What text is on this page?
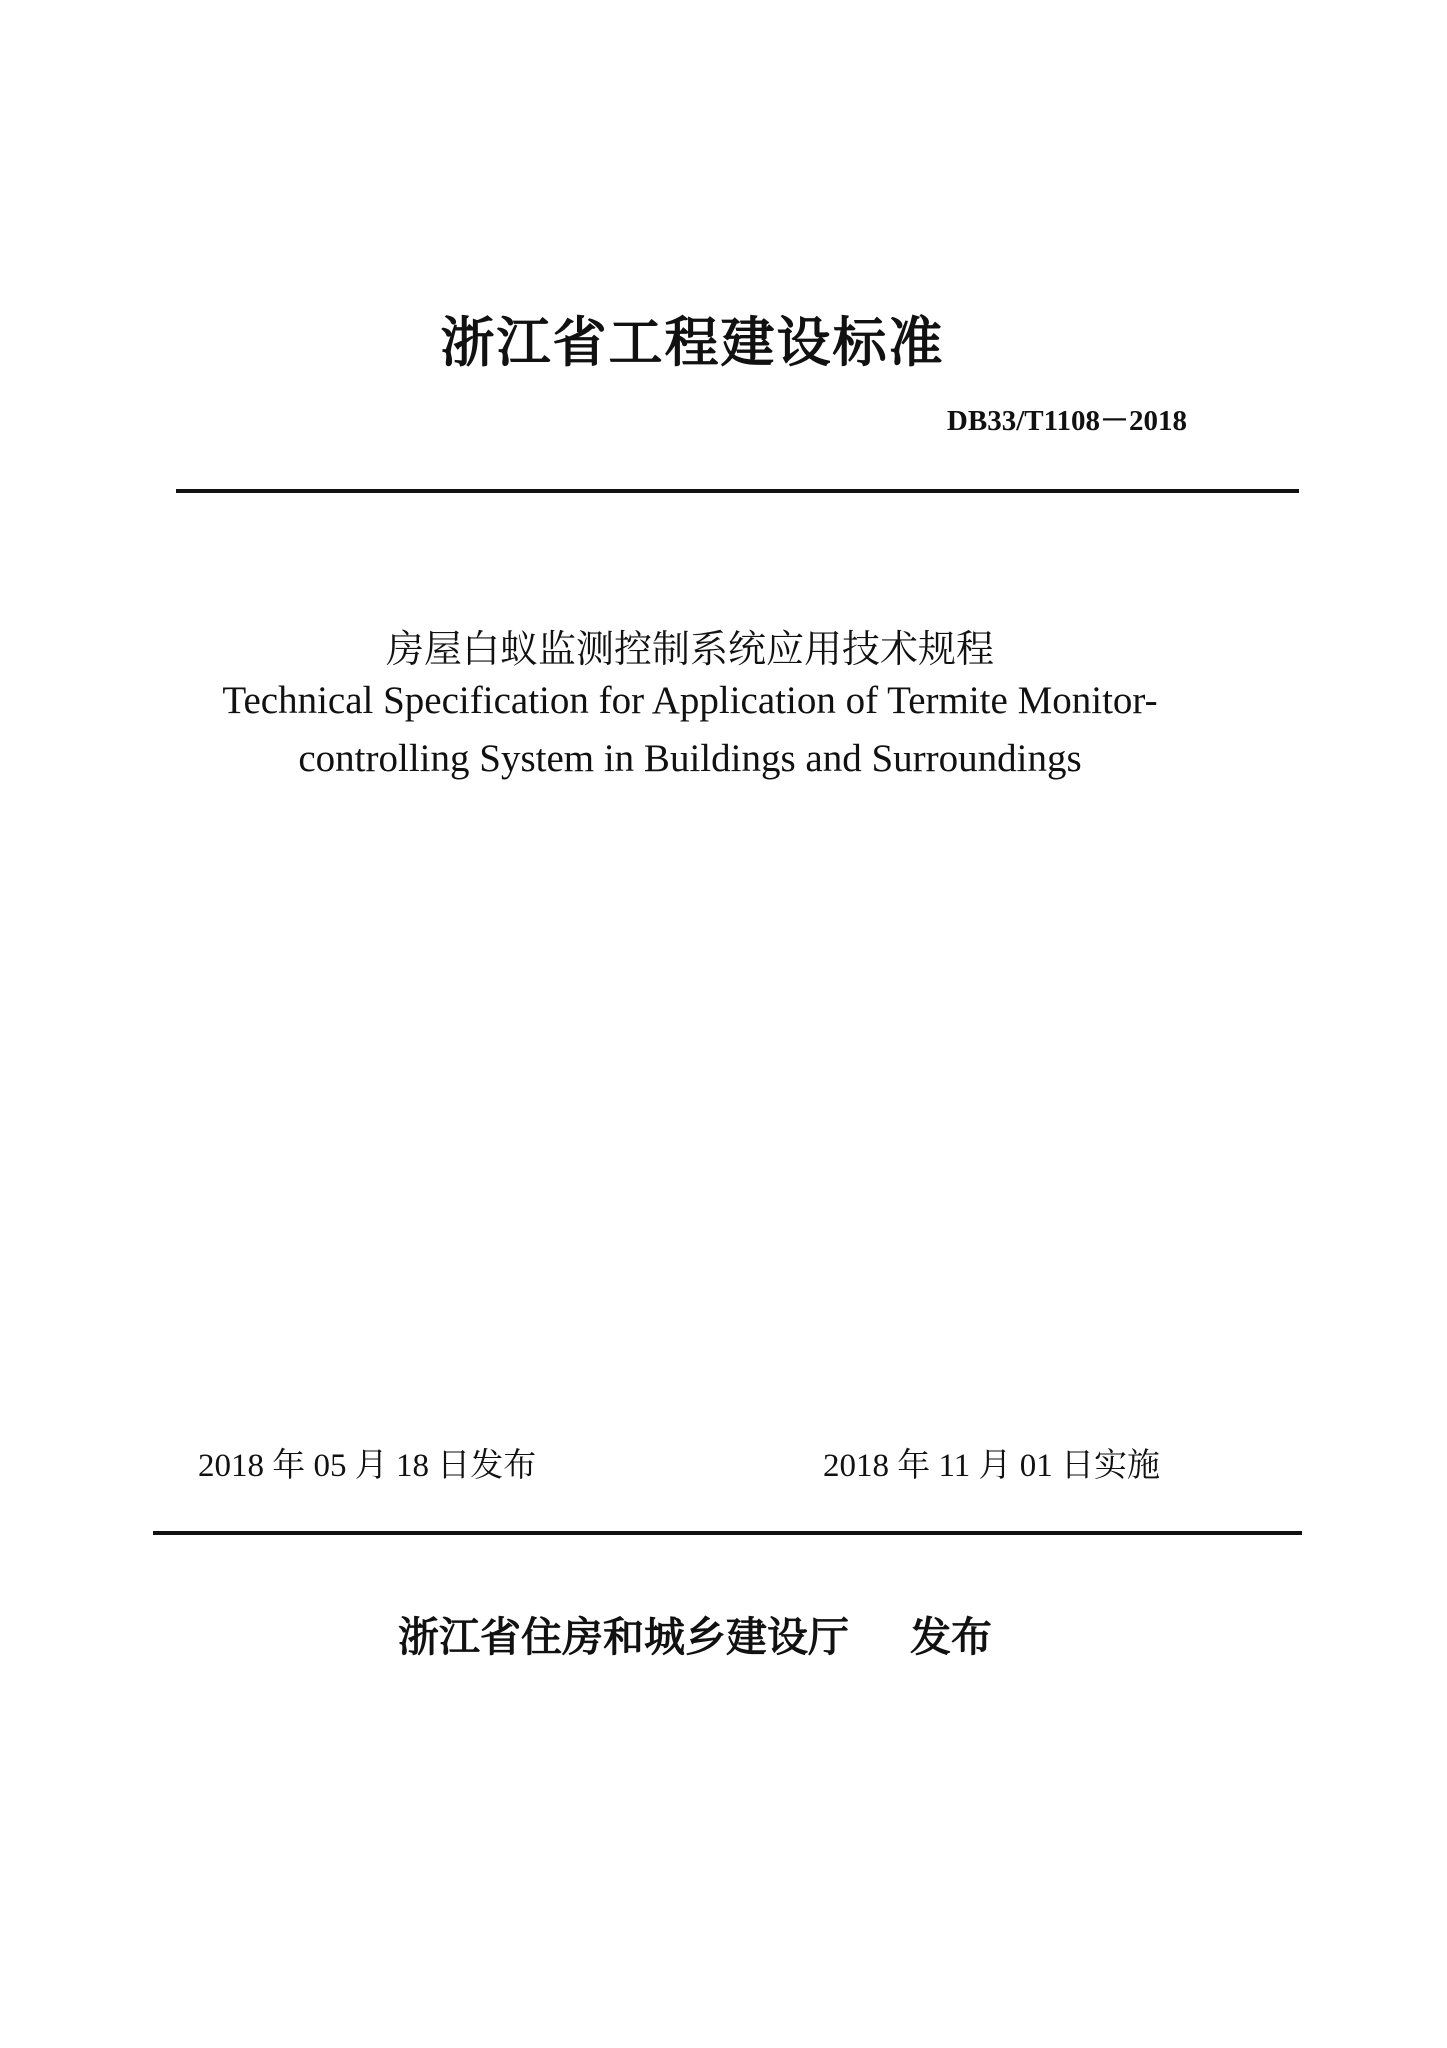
浙江省工程建设标准
DB33/T1108－2018
房屋白蚁监测控制系统应用技术规程
Technical Specification for Application of Termite Monitor-
controlling System in Buildings and Surroundings
2018 年 05 月 18 日发布	2018 年 11 月 01 日实施
浙江省住房和城乡建设厅 发布
